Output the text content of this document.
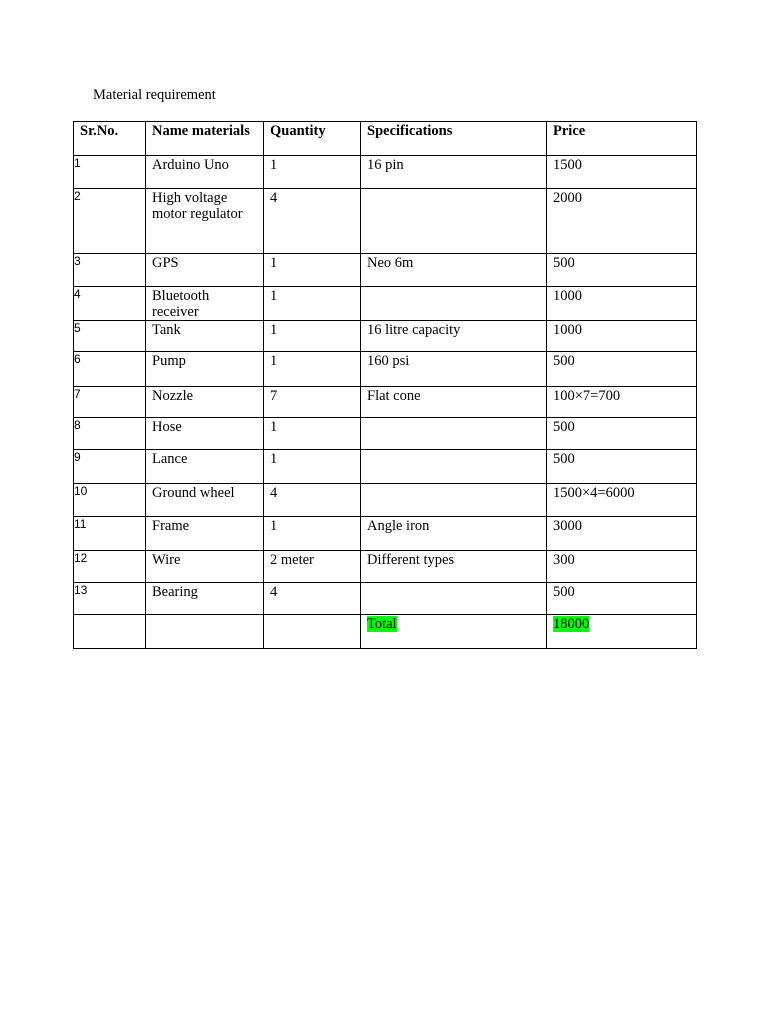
Material requirement
Sr.No.	Name materials	Quantity	Specifications	Price

1	Arduino Uno	1	16 pin	1500

2	High voltage motor regulator	4		2000

3	GPS	1	Neo 6m	500

4	Bluetooth receiver	1		1000

5	Tank	1	16 litre capacity	1000

6	Pump	1	160 psi	500

7	Nozzle	7	Flat cone	100×7=700

8	Hose	1		500

9	Lance	1		500

10	Ground wheel	4		1500×4=6000

11	Frame	1	Angle iron	3000

12	Wire	2 meter	Different types	300

13	Bearing	4		500

			Total	18000
